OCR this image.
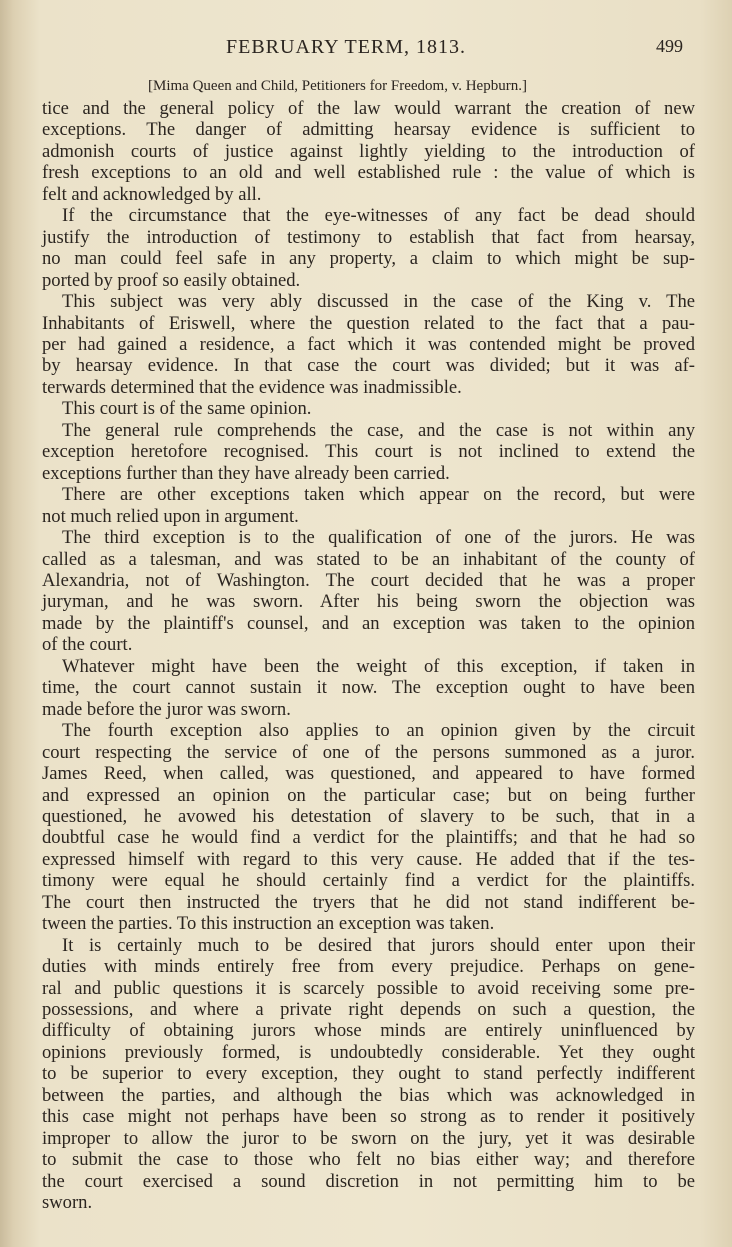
FEBRUARY TERM, 1813.	499
[Mima Queen and Child, Petitioners for Freedom, v. Hepburn.]
tice and the general policy of the law would warrant the creation of new
exceptions. The danger of admitting hearsay evidence is sufficient to
admonish courts of justice against lightly yielding to the introduction of
fresh exceptions to an old and well established rule : the value of which is
felt and acknowledged by all.
If the circumstance that the eye-witnesses of any fact be dead should
justify the introduction of testimony to establish that fact from hearsay,
no man could feel safe in any property, a claim to which might be sup-
ported by proof so easily obtained.
This subject was very ably discussed in the case of the King v. The
Inhabitants of Eriswell, where the question related to the fact that a pau-
per had gained a residence, a fact which it was contended might be proved
by hearsay evidence. In that case the court was divided; but it was af-
terwards determined that the evidence was inadmissible.
This court is of the same opinion.
The general rule comprehends the case, and the case is not within any
exception heretofore recognised. This court is not inclined to extend the
exceptions further than they have already been carried.
There are other exceptions taken which appear on the record, but were
not much relied upon in argument.
The third exception is to the qualification of one of the jurors. He was
called as a talesman, and was stated to be an inhabitant of the county of
Alexandria, not of Washington. The court decided that he was a proper
juryman, and he was sworn. After his being sworn the objection was
made by the plaintiff's counsel, and an exception was taken to the opinion
of the court.
Whatever might have been the weight of this exception, if taken in
time, the court cannot sustain it now. The exception ought to have been
made before the juror was sworn.
The fourth exception also applies to an opinion given by the circuit
court respecting the service of one of the persons summoned as a juror.
James Reed, when called, was questioned, and appeared to have formed
and expressed an opinion on the particular case; but on being further
questioned, he avowed his detestation of slavery to be such, that in a
doubtful case he would find a verdict for the plaintiffs; and that he had so
expressed himself with regard to this very cause. He added that if the tes-
timony were equal he should certainly find a verdict for the plaintiffs.
The court then instructed the tryers that he did not stand indifferent be-
tween the parties. To this instruction an exception was taken.
It is certainly much to be desired that jurors should enter upon their
duties with minds entirely free from every prejudice. Perhaps on gene-
ral and public questions it is scarcely possible to avoid receiving some pre-
possessions, and where a private right depends on such a question, the
difficulty of obtaining jurors whose minds are entirely uninfluenced by
opinions previously formed, is undoubtedly considerable. Yet they ought
to be superior to every exception, they ought to stand perfectly indifferent
between the parties, and although the bias which was acknowledged in
this case might not perhaps have been so strong as to render it positively
improper to allow the juror to be sworn on the jury, yet it was desirable
to submit the case to those who felt no bias either way; and therefore
the court exercised a sound discretion in not permitting him to be
sworn.
